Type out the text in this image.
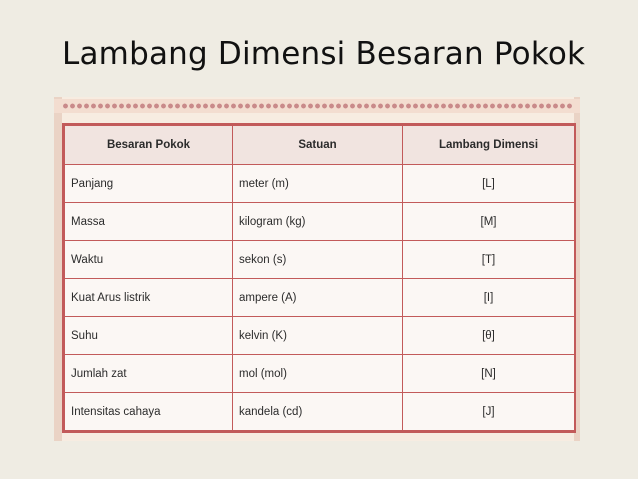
Lambang Dimensi Besaran Pokok
Besaran Pokok	Satuan	Lambang Dimensi
Panjang	meter (m)	[L]
Massa	kilogram (kg)	[M]
Waktu	sekon (s)	[T]
Kuat Arus listrik	ampere (A)	[I]
Suhu	kelvin (K)	[θ]
Jumlah zat	mol (mol)	[N]
Intensitas cahaya	kandela (cd)	[J]
